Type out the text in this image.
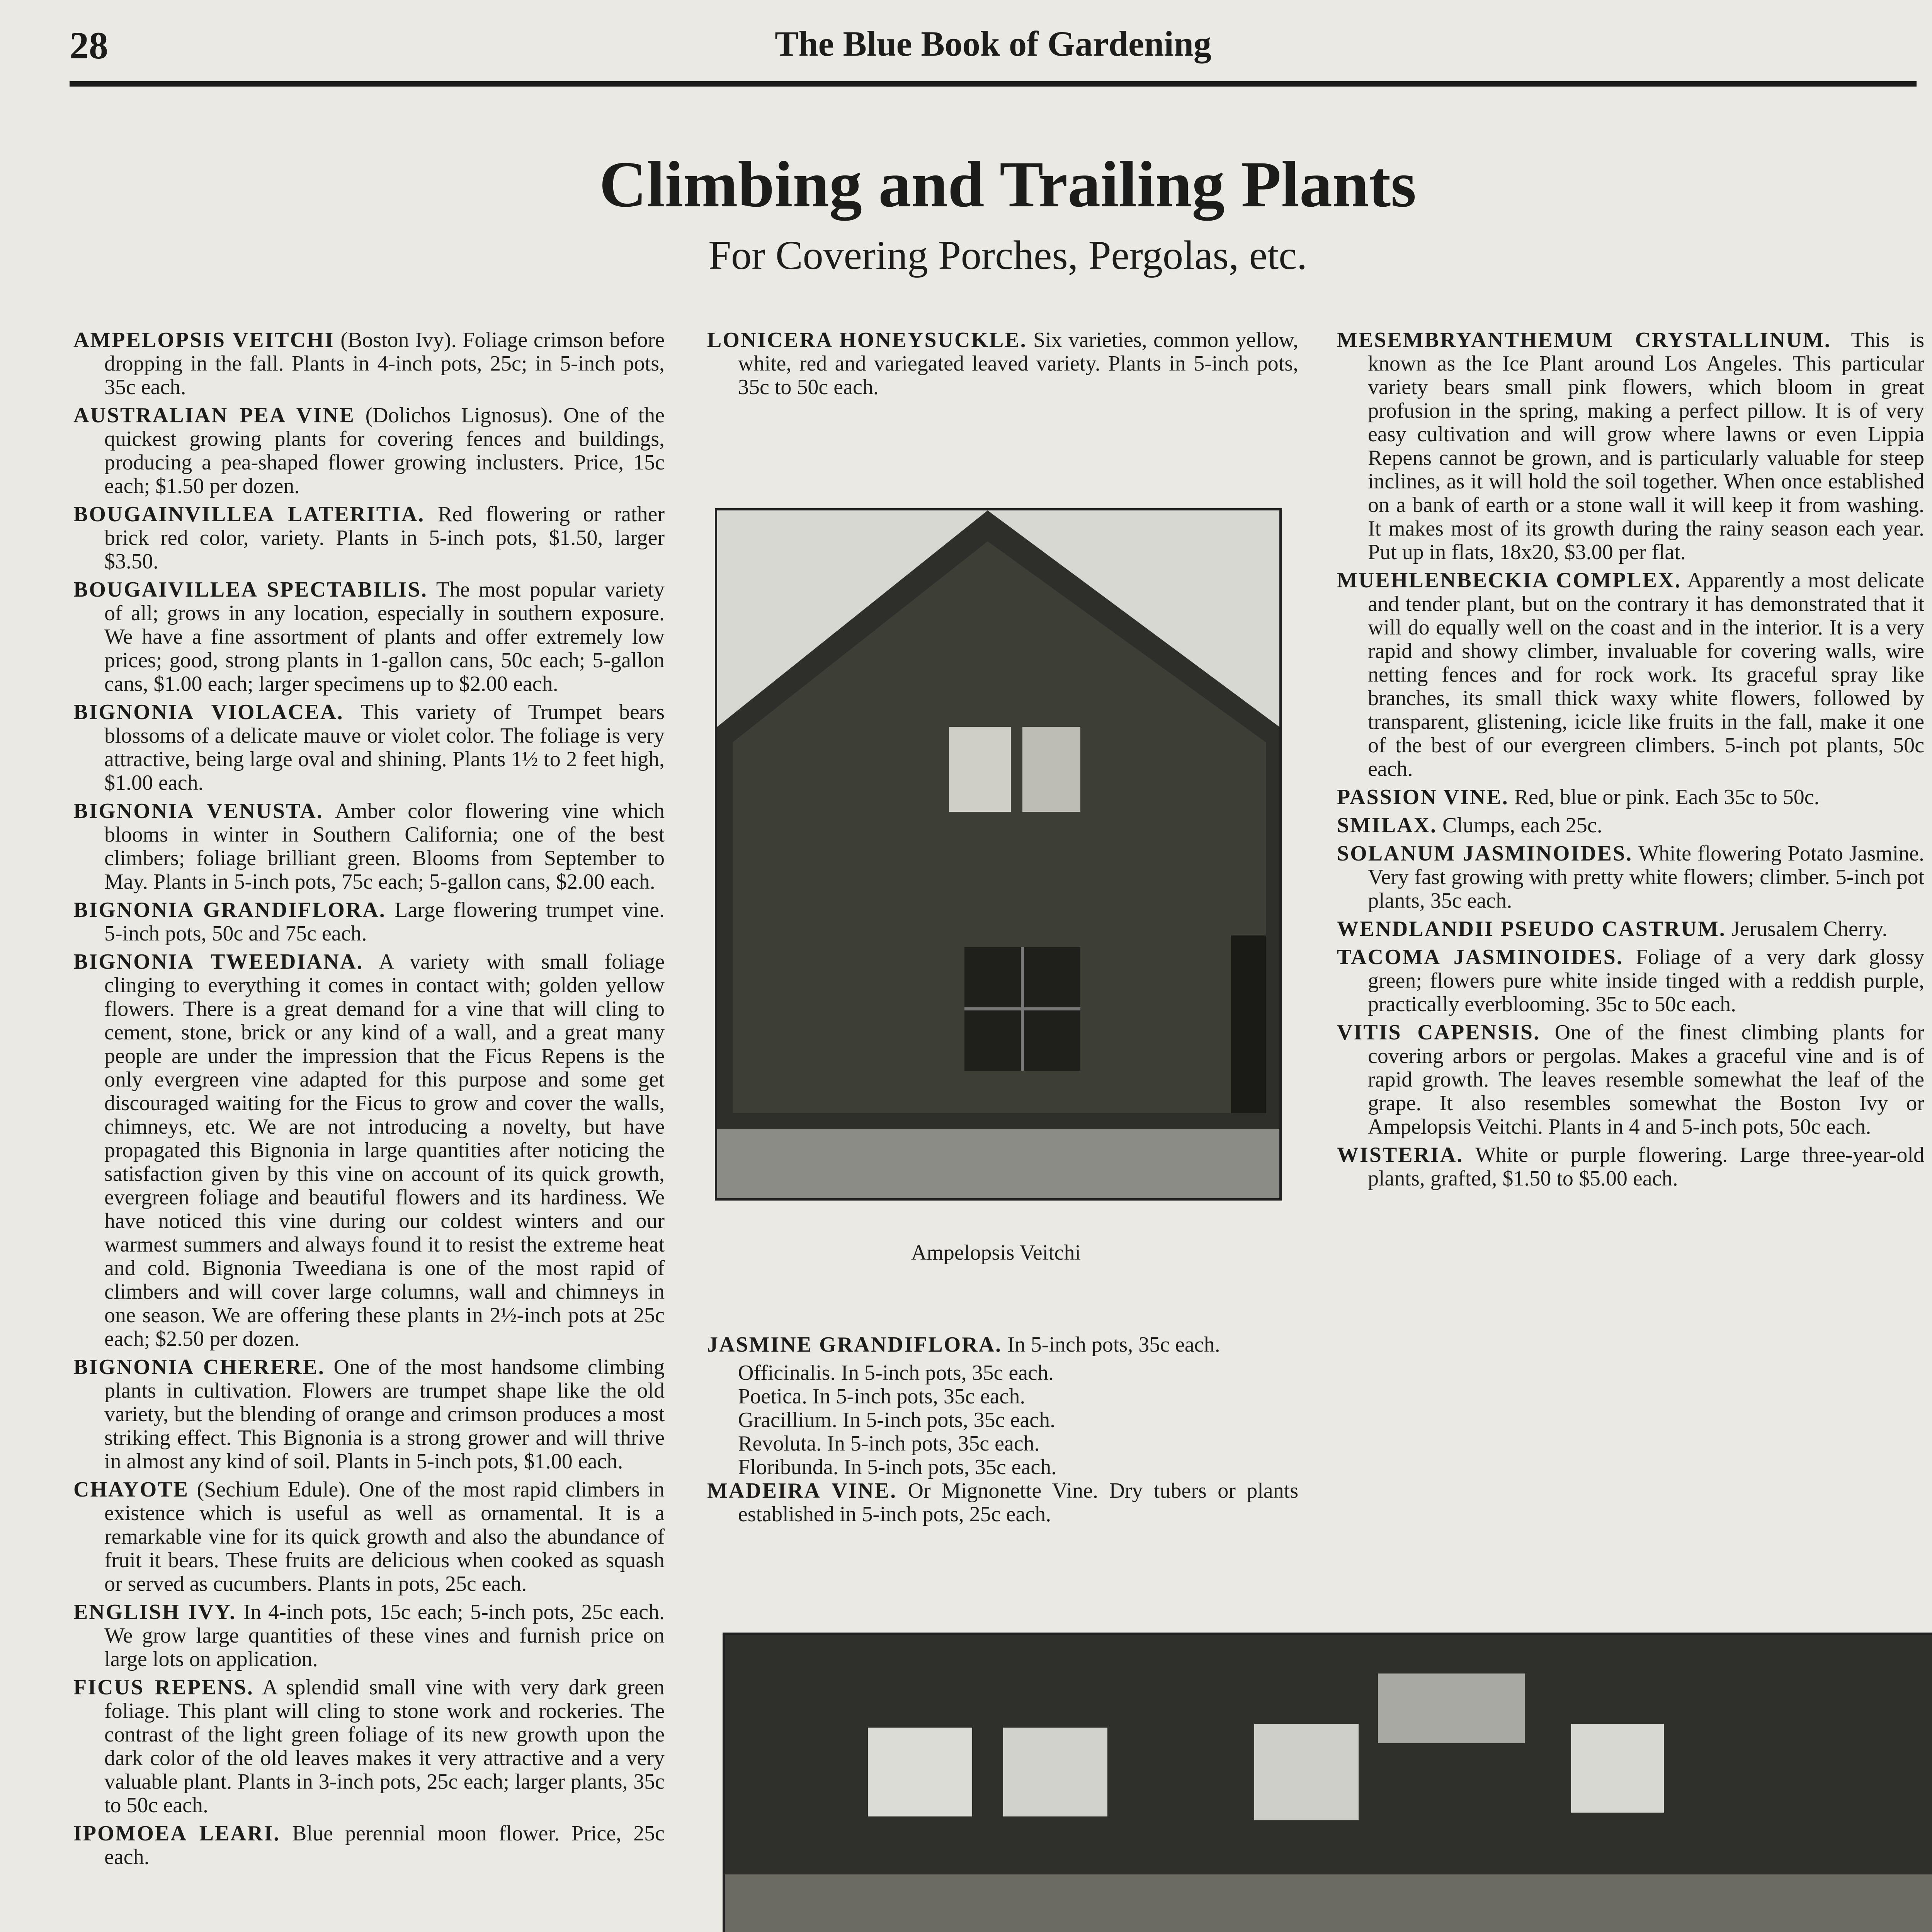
28	The Blue Book of Gardening
Climbing and Trailing Plants
For Covering Porches, Pergolas, etc.

AMPELOPSIS VEITCHI (Boston Ivy). Foliage crimson before dropping in the fall. Plants in 4-inch pots, 25c; in 5-inch pots, 35c each.

AUSTRALIAN PEA VINE (Dolichos Lignosus). One of the quickest growing plants for covering fences and buildings, producing a pea-shaped flower growing inclusters. Price, 15c each; $1.50 per dozen.

BOUGAINVILLEA LATERITIA. Red flowering or rather brick red color, variety. Plants in 5-inch pots, $1.50, larger $3.50.

BOUGAIVILLEA SPECTABILIS. The most popular variety of all; grows in any location, especially in southern exposure. We have a fine assortment of plants and offer extremely low prices; good, strong plants in 1-gallon cans, 50c each; 5-gallon cans, $1.00 each; larger specimens up to $2.00 each.

BIGNONIA VIOLACEA. This variety of Trumpet bears blossoms of a delicate mauve or violet color. The foliage is very attractive, being large oval and shining. Plants 1½ to 2 feet high, $1.00 each.

BIGNONIA VENUSTA. Amber color flowering vine which blooms in winter in Southern California; one of the best climbers; foliage brilliant green. Blooms from September to May. Plants in 5-inch pots, 75c each; 5-gallon cans, $2.00 each.

BIGNONIA GRANDIFLORA. Large flowering trumpet vine. 5-inch pots, 50c and 75c each.

BIGNONIA TWEEDIANA. A variety with small foliage clinging to everything it comes in contact with; golden yellow flowers. There is a great demand for a vine that will cling to cement, stone, brick or any kind of a wall, and a great many people are under the impression that the Ficus Repens is the only evergreen vine adapted for this purpose and some get discouraged waiting for the Ficus to grow and cover the walls, chimneys, etc. We are not introducing a novelty, but have propagated this Bignonia in large quantities after noticing the satisfaction given by this vine on account of its quick growth, evergreen foliage and beautiful flowers and its hardiness. We have noticed this vine during our coldest winters and our warmest summers and always found it to resist the extreme heat and cold. Bignonia Tweediana is one of the most rapid of climbers and will cover large columns, wall and chimneys in one season. We are offering these plants in 2½-inch pots at 25c each; $2.50 per dozen.

BIGNONIA CHERERE. One of the most handsome climbing plants in cultivation. Flowers are trumpet shape like the old variety, but the blending of orange and crimson produces a most striking effect. This Bignonia is a strong grower and will thrive in almost any kind of soil. Plants in 5-inch pots, $1.00 each.

CHAYOTE (Sechium Edule). One of the most rapid climbers in existence which is useful as well as ornamental. It is a remarkable vine for its quick growth and also the abundance of fruit it bears. These fruits are delicious when cooked as squash or served as cucumbers. Plants in pots, 25c each.

ENGLISH IVY. In 4-inch pots, 15c each; 5-inch pots, 25c each. We grow large quantities of these vines and furnish price on large lots on application.

FICUS REPENS. A splendid small vine with very dark green foliage. This plant will cling to stone work and rockeries. The contrast of the light green foliage of its new growth upon the dark color of the old leaves makes it very attractive and a very valuable plant. Plants in 3-inch pots, 25c each; larger plants, 35c to 50c each.

IPOMOEA LEARI. Blue perennial moon flower. Price, 25c each.

LONICERA HONEYSUCKLE. Six varieties, common yellow, white, red and variegated leaved variety. Plants in 5-inch pots, 35c to 50c each.

Ampelopsis Veitchi

JASMINE GRANDIFLORA. In 5-inch pots, 35c each.

Officinalis. In 5-inch pots, 35c each.

Poetica. In 5-inch pots, 35c each.

Gracillium. In 5-inch pots, 35c each.

Revoluta. In 5-inch pots, 35c each.

Floribunda. In 5-inch pots, 35c each.

MADEIRA VINE. Or Mignonette Vine. Dry tubers or plants established in 5-inch pots, 25c each.

MESEMBRYANTHEMUM CRYSTALLINUM. This is known as the Ice Plant around Los Angeles. This particular variety bears small pink flowers, which bloom in great profusion in the spring, making a perfect pillow. It is of very easy cultivation and will grow where lawns or even Lippia Repens cannot be grown, and is particularly valuable for steep inclines, as it will hold the soil together. When once established on a bank of earth or a stone wall it will keep it from washing. It makes most of its growth during the rainy season each year. Put up in flats, 18x20, $3.00 per flat.

MUEHLENBECKIA COMPLEX. Apparently a most delicate and tender plant, but on the contrary it has demonstrated that it will do equally well on the coast and in the interior. It is a very rapid and showy climber, invaluable for covering walls, wire netting fences and for rock work. Its graceful spray like branches, its small thick waxy white flowers, followed by transparent, glistening, icicle like fruits in the fall, make it one of the best of our evergreen climbers. 5-inch pot plants, 50c each.

PASSION VINE. Red, blue or pink. Each 35c to 50c.

SMILAX. Clumps, each 25c.

SOLANUM JASMINOIDES. White flowering Potato Jasmine. Very fast growing with pretty white flowers; climber. 5-inch pot plants, 35c each.

WENDLANDII PSEUDO CASTRUM. Jerusalem Cherry.

TACOMA JASMINOIDES. Foliage of a very dark glossy green; flowers pure white inside tinged with a reddish purple, practically everblooming. 35c to 50c each.

VITIS CAPENSIS. One of the finest climbing plants for covering arbors or pergolas. Makes a graceful vine and is of rapid growth. The leaves resemble somewhat the leaf of the grape. It also resembles somewhat the Boston Ivy or Ampelopsis Veitchi. Plants in 4 and 5-inch pots, 50c each.

WISTERIA. White or purple flowering. Large three-year-old plants, grafted, $1.50 to $5.00 each.
